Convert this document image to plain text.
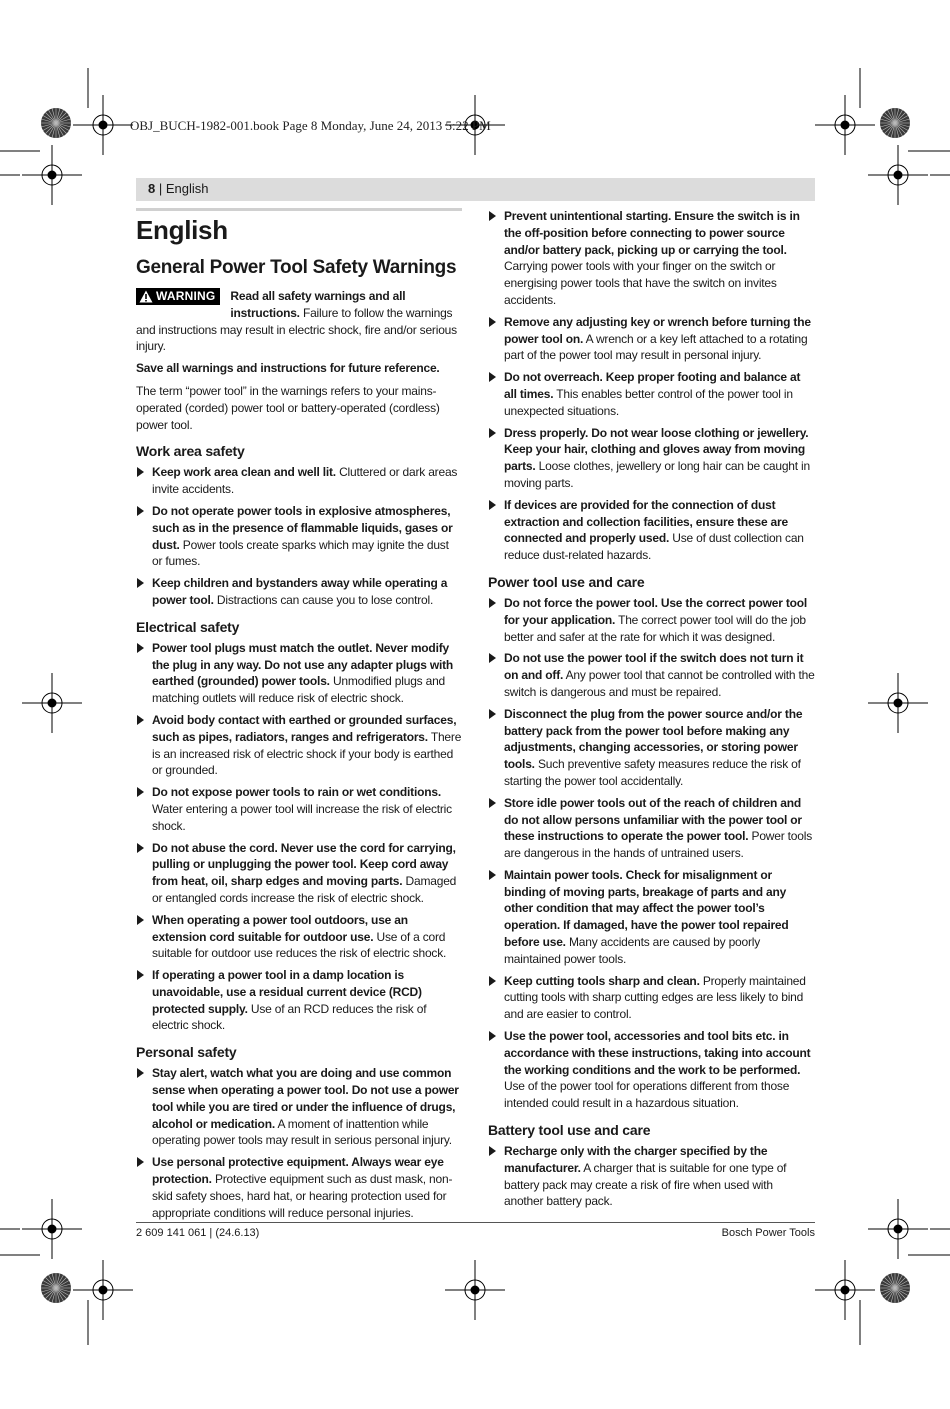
OBJ_BUCH-1982-001.book Page 8 Monday, June 24, 2013 5:22 PM
8 | English
English
General Power Tool Safety Warnings
WARNING Read all safety warnings and all instructions. Failure to follow the warnings and instructions may result in electric shock, fire and/or serious injury.

Save all warnings and instructions for future reference.

The term “power tool” in the warnings refers to your mains-operated (corded) power tool or battery-operated (cordless) power tool.

Work area safety
Keep work area clean and well lit. Cluttered or dark areas invite accidents.
Do not operate power tools in explosive atmospheres, such as in the presence of flammable liquids, gases or dust. Power tools create sparks which may ignite the dust or fumes.
Keep children and bystanders away while operating a power tool. Distractions can cause you to lose control.
Electrical safety
Power tool plugs must match the outlet. Never modify the plug in any way. Do not use any adapter plugs with earthed (grounded) power tools. Unmodified plugs and matching outlets will reduce risk of electric shock.
Avoid body contact with earthed or grounded surfaces, such as pipes, radiators, ranges and refrigerators. There is an increased risk of electric shock if your body is earthed or grounded.
Do not expose power tools to rain or wet conditions. Water entering a power tool will increase the risk of electric shock.
Do not abuse the cord. Never use the cord for carrying, pulling or unplugging the power tool. Keep cord away from heat, oil, sharp edges and moving parts. Damaged or entangled cords increase the risk of electric shock.
When operating a power tool outdoors, use an extension cord suitable for outdoor use. Use of a cord suitable for outdoor use reduces the risk of electric shock.
If operating a power tool in a damp location is unavoidable, use a residual current device (RCD) protected supply. Use of an RCD reduces the risk of electric shock.
Personal safety
Stay alert, watch what you are doing and use common sense when operating a power tool. Do not use a power tool while you are tired or under the influence of drugs, alcohol or medication. A moment of inattention while operating power tools may result in serious personal injury.
Use personal protective equipment. Always wear eye protection. Protective equipment such as dust mask, non-skid safety shoes, hard hat, or hearing protection used for appropriate conditions will reduce personal injuries.
Prevent unintentional starting. Ensure the switch is in the off-position before connecting to power source and/or battery pack, picking up or carrying the tool. Carrying power tools with your finger on the switch or energising power tools that have the switch on invites accidents.
Remove any adjusting key or wrench before turning the power tool on. A wrench or a key left attached to a rotating part of the power tool may result in personal injury.
Do not overreach. Keep proper footing and balance at all times. This enables better control of the power tool in unexpected situations.
Dress properly. Do not wear loose clothing or jewellery. Keep your hair, clothing and gloves away from moving parts. Loose clothes, jewellery or long hair can be caught in moving parts.
If devices are provided for the connection of dust extraction and collection facilities, ensure these are connected and properly used. Use of dust collection can reduce dust-related hazards.
Power tool use and care
Do not force the power tool. Use the correct power tool for your application. The correct power tool will do the job better and safer at the rate for which it was designed.
Do not use the power tool if the switch does not turn it on and off. Any power tool that cannot be controlled with the switch is dangerous and must be repaired.
Disconnect the plug from the power source and/or the battery pack from the power tool before making any adjustments, changing accessories, or storing power tools. Such preventive safety measures reduce the risk of starting the power tool accidentally.
Store idle power tools out of the reach of children and do not allow persons unfamiliar with the power tool or these instructions to operate the power tool. Power tools are dangerous in the hands of untrained users.
Maintain power tools. Check for misalignment or binding of moving parts, breakage of parts and any other condition that may affect the power tool’s operation. If damaged, have the power tool repaired before use. Many accidents are caused by poorly maintained power tools.
Keep cutting tools sharp and clean. Properly maintained cutting tools with sharp cutting edges are less likely to bind and are easier to control.
Use the power tool, accessories and tool bits etc. in accordance with these instructions, taking into account the working conditions and the work to be performed. Use of the power tool for operations different from those intended could result in a hazardous situation.
Battery tool use and care
Recharge only with the charger specified by the manufacturer. A charger that is suitable for one type of battery pack may create a risk of fire when used with another battery pack.
2 609 141 061 | (24.6.13)	Bosch Power Tools
